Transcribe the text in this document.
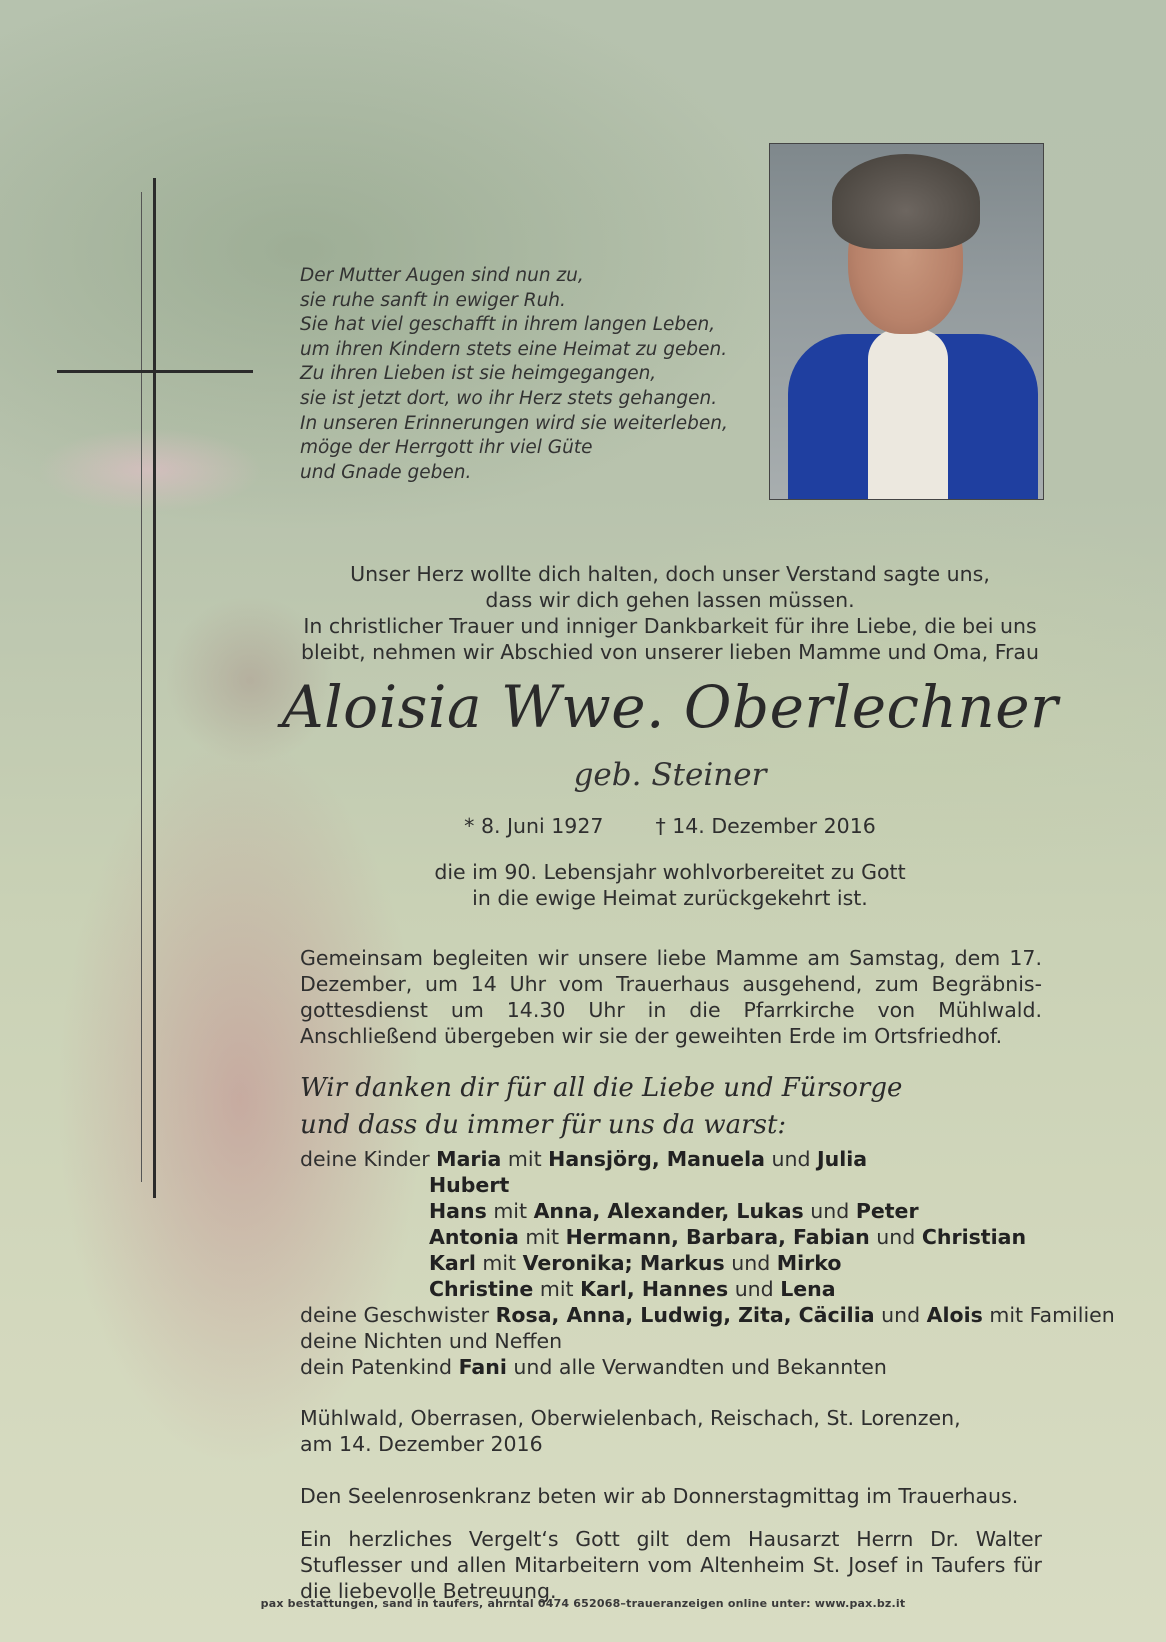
Der Mutter Augen sind nun zu,
sie ruhe sanft in ewiger Ruh.
Sie hat viel geschafft in ihrem langen Leben,
um ihren Kindern stets eine Heimat zu geben.
Zu ihren Lieben ist sie heimgegangen,
sie ist jetzt dort, wo ihr Herz stets gehangen.
In unseren Erinnerungen wird sie weiterleben,
möge der Herrgott ihr viel Güte
und Gnade geben.
Unser Herz wollte dich halten, doch unser Verstand sagte uns,
dass wir dich gehen lassen müssen.
In christlicher Trauer und inniger Dankbarkeit für ihre Liebe, die bei uns
bleibt, nehmen wir Abschied von unserer lieben Mamme und Oma, Frau
Aloisia Wwe. Oberlechner
geb. Steiner
* 8. Juni 1927	† 14. Dezember 2016
die im 90. Lebensjahr wohlvorbereitet zu Gott
in die ewige Heimat zurückgekehrt ist.
Gemeinsam begleiten wir unsere liebe Mamme am Samstag, dem 17. Dezember, um 14 Uhr vom Trauerhaus ausgehend, zum Begräbnis-gottesdienst um 14.30 Uhr in die Pfarrkirche von Mühlwald. Anschließend übergeben wir sie der geweihten Erde im Ortsfriedhof.
Wir danken dir für all die Liebe und Fürsorge
und dass du immer für uns da warst:
deine Kinder Maria mit Hansjörg, Manuela und Julia
Hubert
Hans mit Anna, Alexander, Lukas und Peter
Antonia mit Hermann, Barbara, Fabian und Christian
Karl mit Veronika; Markus und Mirko
Christine mit Karl, Hannes und Lena
deine Geschwister Rosa, Anna, Ludwig, Zita, Cäcilia und Alois mit Familien
deine Nichten und Neffen
dein Patenkind Fani und alle Verwandten und Bekannten
Mühlwald, Oberrasen, Oberwielenbach, Reischach, St. Lorenzen,
am 14. Dezember 2016
Den Seelenrosenkranz beten wir ab Donnerstagmittag im Trauerhaus.
Ein herzliches Vergelt‘s Gott gilt dem Hausarzt Herrn Dr. Walter Stuflesser und allen Mitarbeitern vom Altenheim St. Josef in Taufers für die liebevolle Betreuung.
pax bestattungen, sand in taufers, ahrntal 0474 652068–traueranzeigen online unter: www.pax.bz.it
